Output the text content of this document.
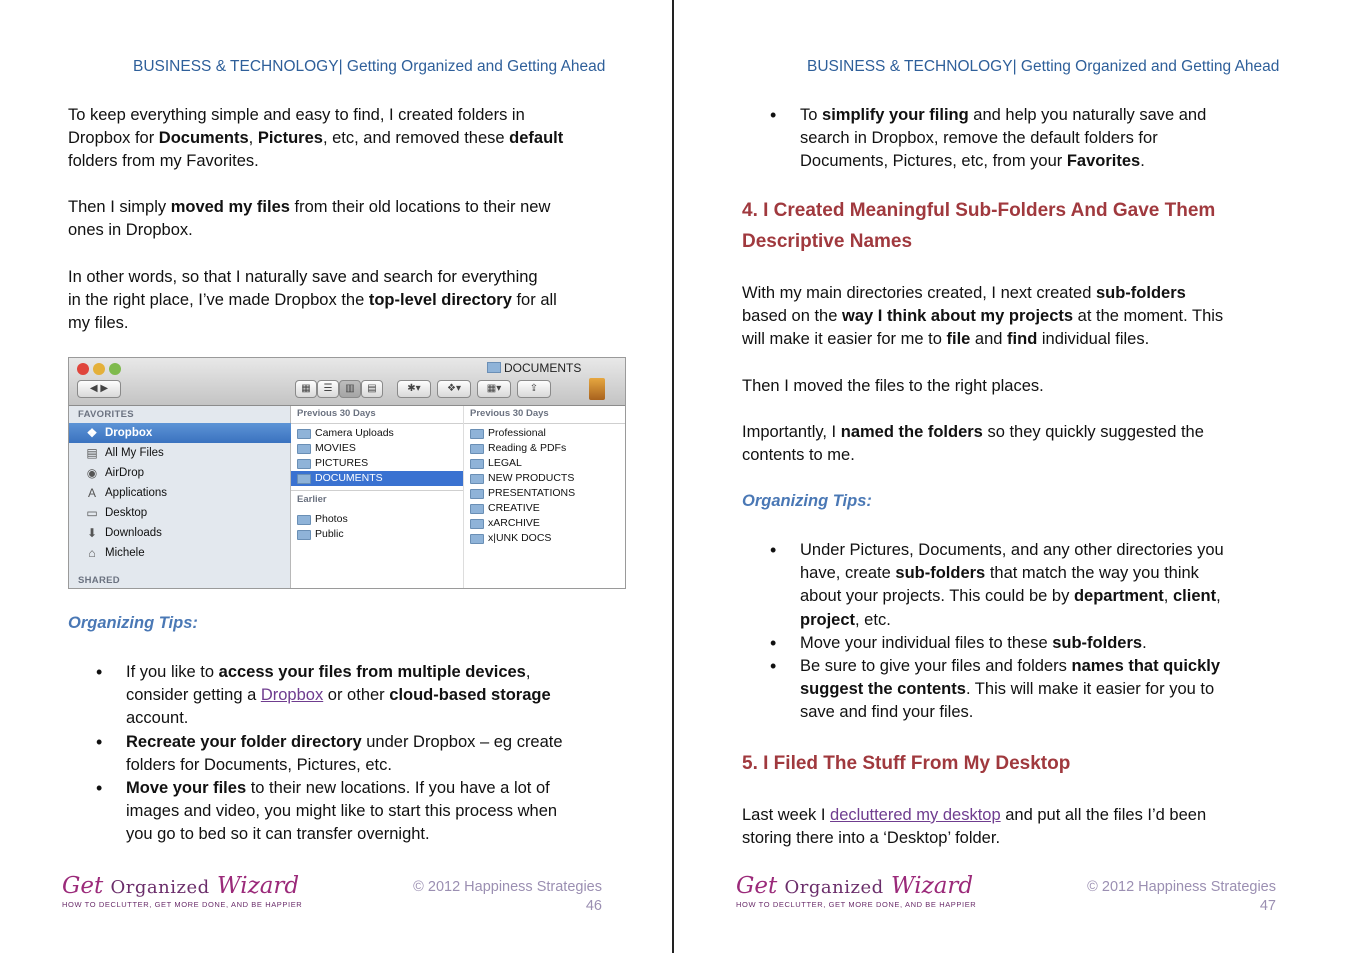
BUSINESS & TECHNOLOGY| Getting Organized and Getting Ahead

To keep everything simple and easy to find, I created folders in
Dropbox for Documents, Pictures, etc, and removed these default
folders from my Favorites.

Then I simply moved my files from their old locations to their new
ones in Dropbox.

In other words, so that I naturally save and search for everything
in the right place, I’ve made Dropbox the top-level directory for all
my files.

DOCUMENTS
◀ ▶	▦	☰	▥	▤	✱▾	❖▾	▦▾	⇪
FAVORITES
❖ Dropbox
▤ All My Files
◉ AirDrop
A Applications
▭ Desktop
⬇ Downloads
⌂ Michele
SHARED
Previous 30 Days
Camera Uploads
MOVIES
PICTURES
DOCUMENTS
Earlier
Photos
Public
Previous 30 Days
Professional
Reading & PDFs
LEGAL
NEW PRODUCTS
PRESENTATIONS
CREATIVE
xARCHIVE
x|UNK DOCS

Organizing Tips:

• If you like to access your files from multiple devices,
consider getting a Dropbox or other cloud-based storage
account.
• Recreate your folder directory under Dropbox – eg create
folders for Documents, Pictures, etc.
• Move your files to their new locations. If you have a lot of
images and video, you might like to start this process when
you go to bed so it can transfer overnight.
Get Organized Wizard
HOW TO DECLUTTER, GET MORE DONE, AND BE HAPPIER
© 2012 Happiness Strategies
46
BUSINESS & TECHNOLOGY| Getting Organized and Getting Ahead
• To simplify your filing and help you naturally save and
search in Dropbox, remove the default folders for
Documents, Pictures, etc, from your Favorites.
4. I Created Meaningful Sub-Folders And Gave Them
Descriptive Names

With my main directories created, I next created sub-folders
based on the way I think about my projects at the moment. This
will make it easier for me to file and find individual files.

Then I moved the files to the right places.

Importantly, I named the folders so they quickly suggested the
contents to me.

Organizing Tips:

• Under Pictures, Documents, and any other directories you
have, create sub-folders that match the way you think
about your projects. This could be by department, client,
project, etc.
• Move your individual files to these sub-folders.
• Be sure to give your files and folders names that quickly
suggest the contents. This will make it easier for you to
save and find your files.
5. I Filed The Stuff From My Desktop

Last week I decluttered my desktop and put all the files I’d been
storing there into a ‘Desktop’ folder.

Get Organized Wizard
HOW TO DECLUTTER, GET MORE DONE, AND BE HAPPIER
© 2012 Happiness Strategies
47
